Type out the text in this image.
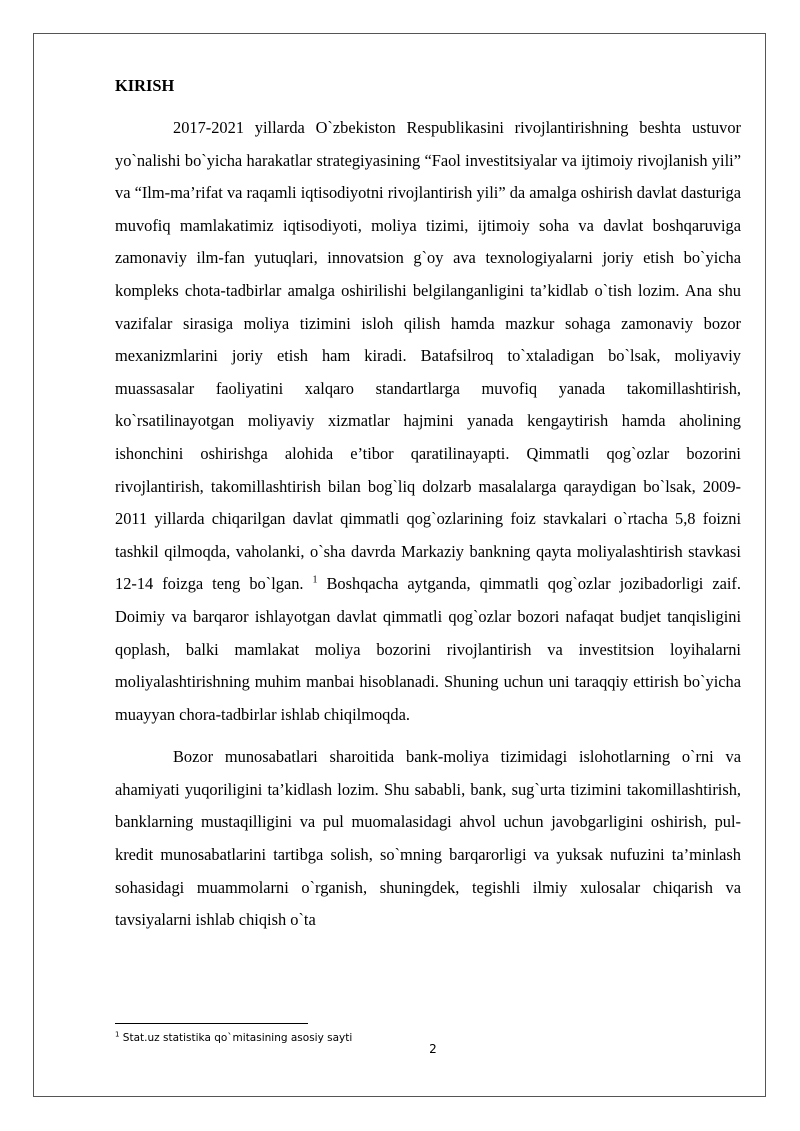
KIRISH

2017-2021 yillarda O`zbekiston Respublikasini rivojlantirishning beshta ustuvor yo`nalishi bo`yicha harakatlar strategiyasining “Faol investitsiyalar va ijtimoiy rivojlanish yili” va “Ilm-ma’rifat va raqamli iqtisodiyotni rivojlantirish yili” da amalga oshirish davlat dasturiga muvofiq mamlakatimiz iqtisodiyoti, moliya tizimi, ijtimoiy soha va davlat boshqaruviga zamonaviy ilm-fan yutuqlari, innovatsion g`oy ava texnologiyalarni joriy etish bo`yicha kompleks chota-tadbirlar amalga oshirilishi belgilanganligini ta’kidlab o`tish lozim. Ana shu vazifalar sirasiga moliya tizimini isloh qilish hamda mazkur sohaga zamonaviy bozor mexanizmlarini joriy etish ham kiradi. Batafsilroq to`xtaladigan bo`lsak, moliyaviy muassasalar faoliyatini xalqaro standartlarga muvofiq yanada takomillashtirish, ko`rsatilinayotgan moliyaviy xizmatlar hajmini yanada kengaytirish hamda aholining ishonchini oshirishga alohida e’tibor qaratilinayapti. Qimmatli qog`ozlar bozorini rivojlantirish, takomillashtirish bilan bog`liq dolzarb masalalarga qaraydigan bo`lsak, 2009-2011 yillarda chiqarilgan davlat qimmatli qog`ozlarining foiz stavkalari o`rtacha 5,8 foizni tashkil qilmoqda, vaholanki, o`sha davrda Markaziy bankning qayta moliyalashtirish stavkasi 12-14 foizga teng bo`lgan. $^1$ Boshqacha aytganda, qimmatli qog`ozlar jozibadorligi zaif. Doimiy va barqaror ishlayotgan davlat qimmatli qog`ozlar bozori nafaqat budjet tanqisligini qoplash, balki mamlakat moliya bozorini rivojlantirish va investitsion loyihalarni moliyalashtirishning muhim manbai hisoblanadi. Shuning uchun uni taraqqiy ettirish bo`yicha muayyan chora-tadbirlar ishlab chiqilmoqda.

Bozor munosabatlari sharoitida bank-moliya tizimidagi islohotlarning o`rni va ahamiyati yuqoriligini ta’kidlash lozim. Shu sababli, bank, sug`urta tizimini takomillashtirish, banklarning mustaqilligini va pul muomalasidagi ahvol uchun javobgarligini oshirish, pul-kredit munosabatlarini tartibga solish, so`mning barqarorligi va yuksak nufuzini ta’minlash sohasidagi muammolarni o`rganish, shuningdek, tegishli ilmiy xulosalar chiqarish va tavsiyalarni ishlab chiqish o`ta

$^1$ Stat.uz statistika qo`mitasining asosiy sayti
2
